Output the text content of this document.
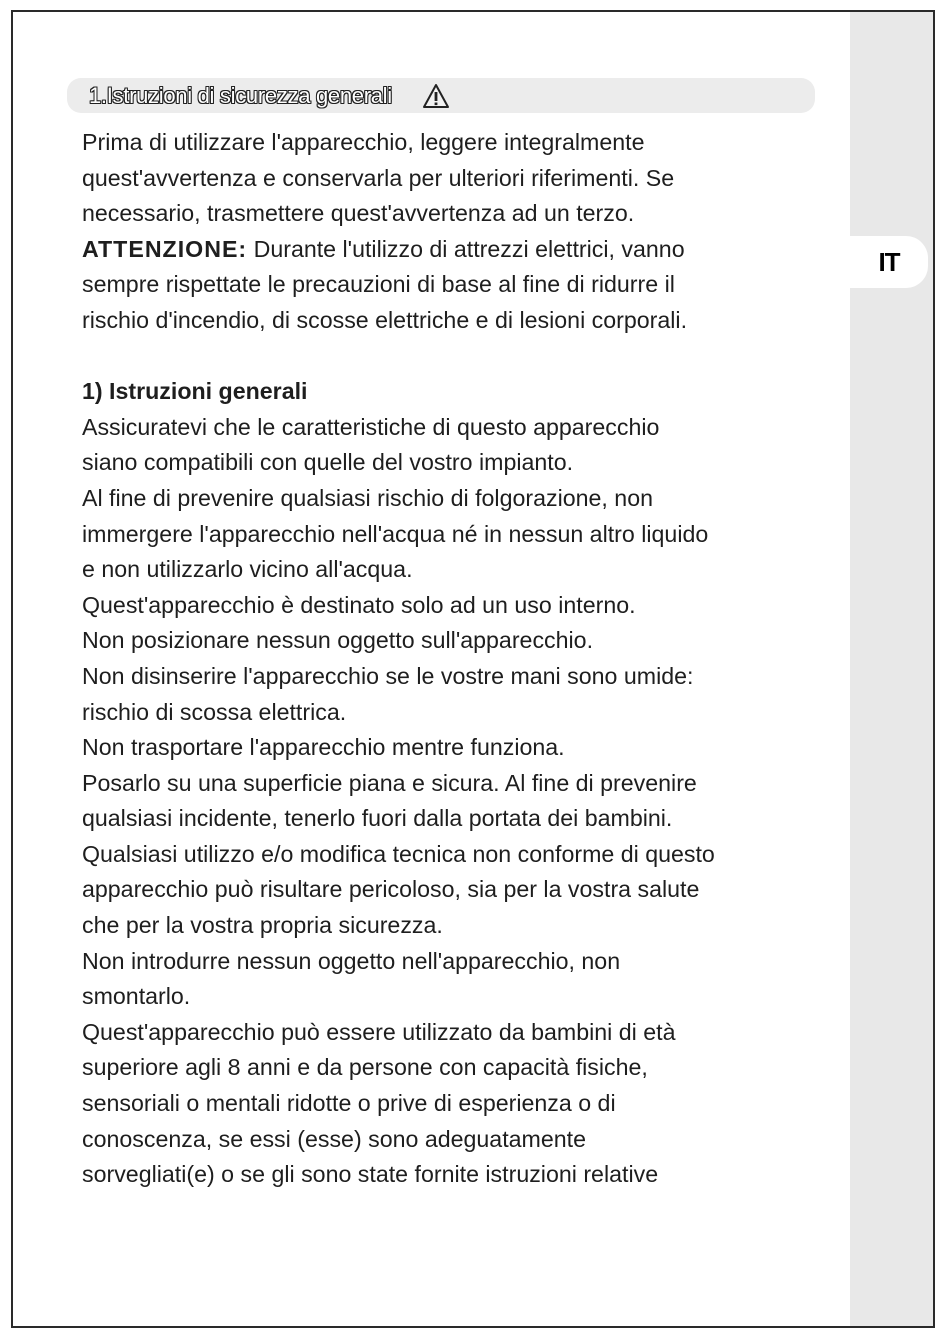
IT
1.Istruzioni di sicurezza generali

Prima di utilizzare l'apparecchio, leggere integralmente
quest'avvertenza e conservarla per ulteriori riferimenti. Se
necessario, trasmettere quest'avvertenza ad un terzo.
ATTENZIONE: Durante l'utilizzo di attrezzi elettrici, vanno
sempre rispettate le precauzioni di base al fine di ridurre il
rischio d'incendio, di scosse elettriche e di lesioni corporali.

1) Istruzioni generali
Assicuratevi che le caratteristiche di questo apparecchio
siano compatibili con quelle del vostro impianto.
Al fine di prevenire qualsiasi rischio di folgorazione, non
immergere l'apparecchio nell'acqua né in nessun altro liquido
e non utilizzarlo vicino all'acqua.
Quest'apparecchio è destinato solo ad un uso interno.
Non posizionare nessun oggetto sull'apparecchio.
Non disinserire l'apparecchio se le vostre mani sono umide:
rischio di scossa elettrica.
Non trasportare l'apparecchio mentre funziona.
Posarlo su una superficie piana e sicura. Al fine di prevenire
qualsiasi incidente, tenerlo fuori dalla portata dei bambini.
Qualsiasi utilizzo e/o modifica tecnica non conforme di questo
apparecchio può risultare pericoloso, sia per la vostra salute
che per la vostra propria sicurezza.
Non introdurre nessun oggetto nell'apparecchio, non
smontarlo.
Quest'apparecchio può essere utilizzato da bambini di età
superiore agli 8 anni e da persone con capacità fisiche,
sensoriali o mentali ridotte o prive di esperienza o di
conoscenza, se essi (esse) sono adeguatamente
sorvegliati(e) o se gli sono state fornite istruzioni relative
